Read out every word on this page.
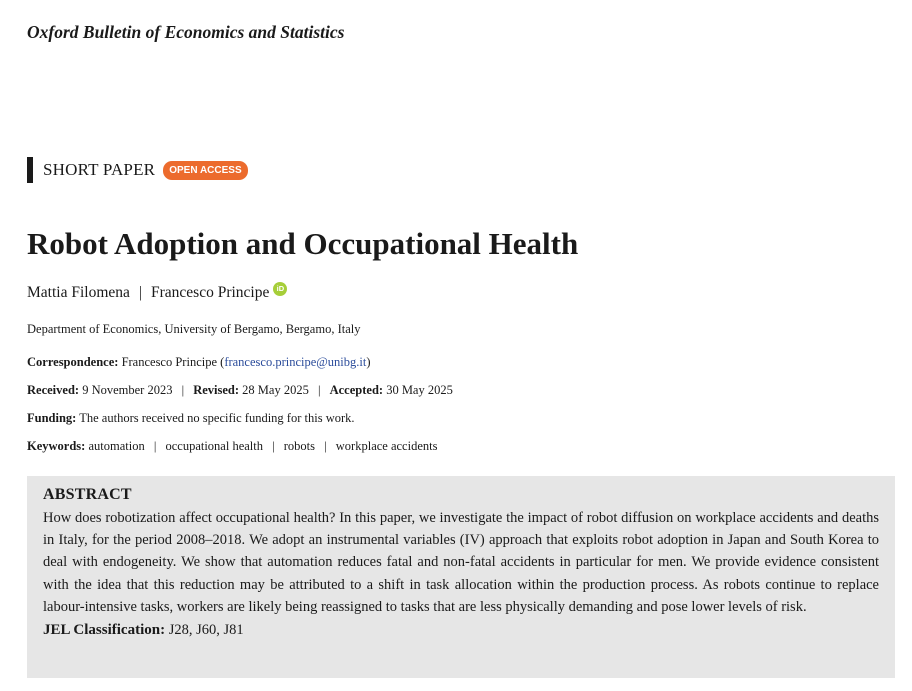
Oxford Bulletin of Economics and Statistics
SHORT PAPER	OPEN ACCESS
Robot Adoption and Occupational Health
Mattia Filomena | Francesco Principe iD
Department of Economics, University of Bergamo, Bergamo, Italy
Correspondence: Francesco Principe (francesco.principe@unibg.it)
Received: 9 November 2023 | Revised: 28 May 2025 | Accepted: 30 May 2025
Funding: The authors received no specific funding for this work.
Keywords: automation | occupational health | robots | workplace accidents
ABSTRACT

How does robotization affect occupational health? In this paper, we investigate the impact of robot diffusion on workplace accidents and deaths in Italy, for the period 2008–2018. We adopt an instrumental variables (IV) approach that exploits robot adoption in Japan and South Korea to deal with endogeneity. We show that automation reduces fatal and non-fatal accidents in particular for men. We provide evidence consistent with the idea that this reduction may be attributed to a shift in task allocation within the production process. As robots continue to replace labour-intensive tasks, workers are likely being reassigned to tasks that are less physically demanding and pose lower levels of risk.

JEL Classification: J28, J60, J81
